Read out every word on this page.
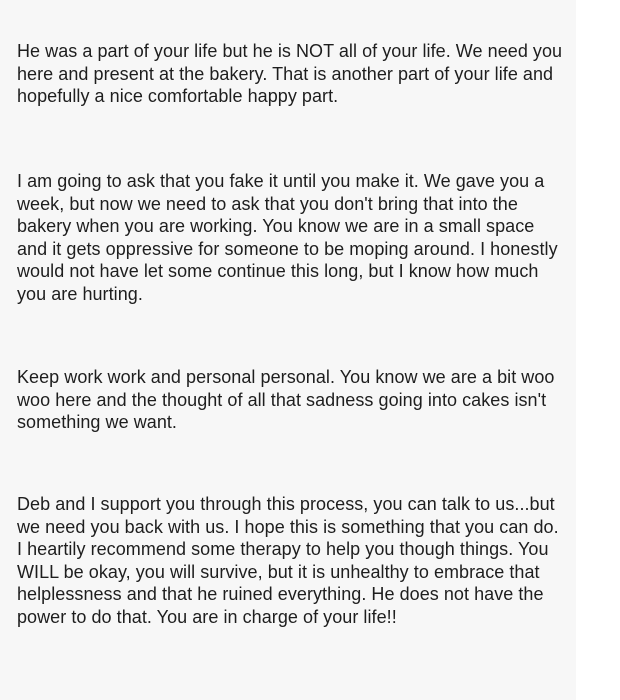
He was a part of your life but he is NOT all of your life. We need you here and present at the bakery. That is another part of your life and hopefully a nice comfortable happy part.

I am going to ask that you fake it until you make it. We gave you a week, but now we need to ask that you don't bring that into the bakery when you are working. You know we are in a small space and it gets oppressive for someone to be moping around. I honestly would not have let some continue this long, but I know how much you are hurting.

Keep work work and personal personal. You know we are a bit woo woo here and the thought of all that sadness going into cakes isn't something we want.

Deb and I support you through this process, you can talk to us...but we need you back with us. I hope this is something that you can do. I heartily recommend some therapy to help you though things. You WILL be okay, you will survive, but it is unhealthy to embrace that helplessness and that he ruined everything. He does not have the power to do that. You are in charge of your life!!
